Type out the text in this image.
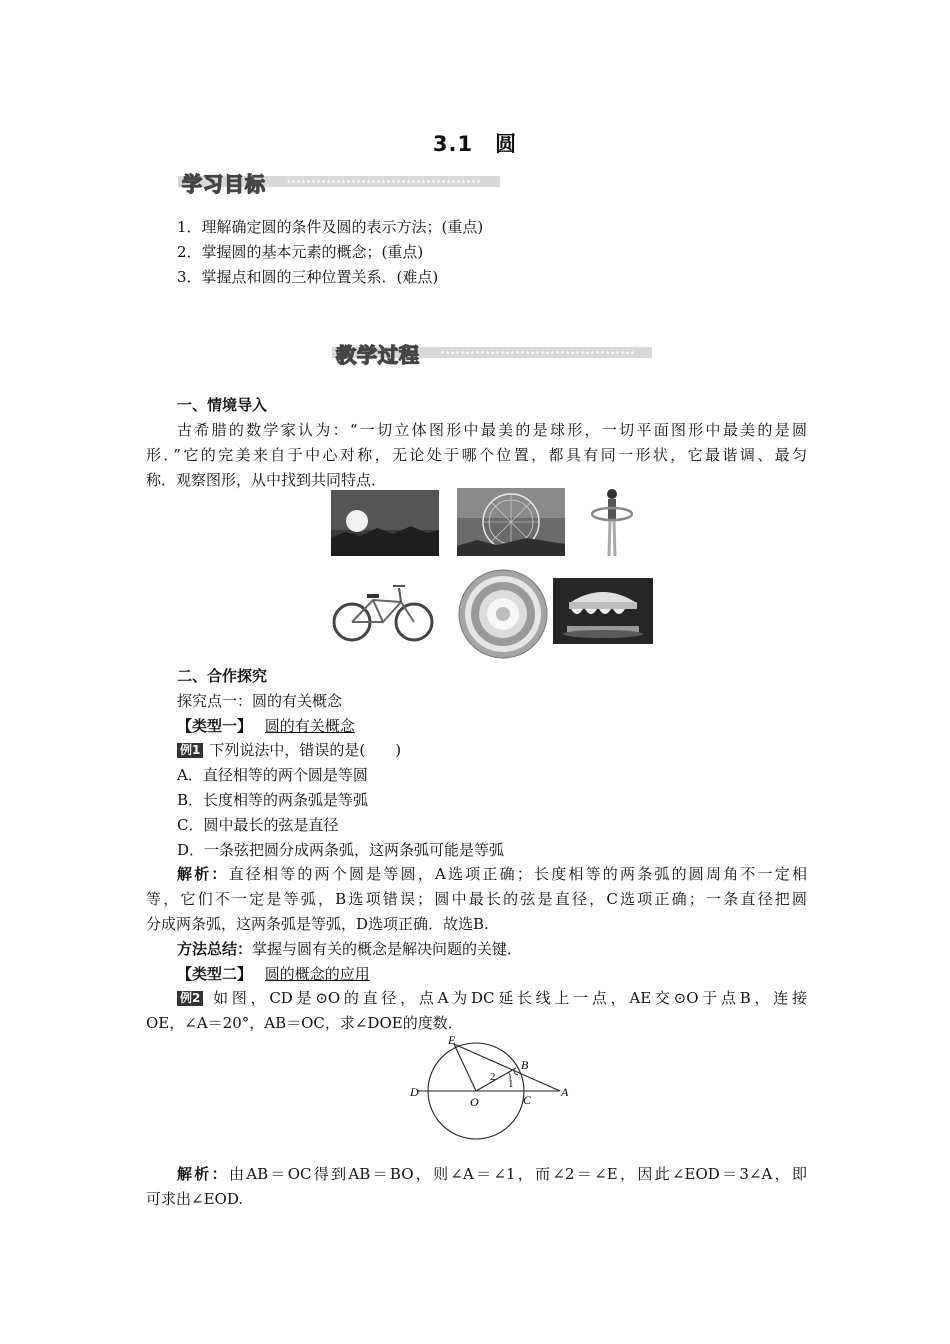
3.1　圆
学习目标
1．理解确定圆的条件及圆的表示方法；(重点)
2．掌握圆的基本元素的概念；(重点)
3．掌握点和圆的三种位置关系．(难点)
教学过程
一、情境导入
古希腊的数学家认为：“一切立体图形中最美的是球形，一切平面图形中最美的是圆
形．”它的完美来自于中心对称，无论处于哪个位置，都具有同一形状，它最谐调、最匀
称．观察图形，从中找到共同特点．
二、合作探究
探究点一：圆的有关概念
【类型一】 圆的有关概念
例1 下列说法中，错误的是(　　)
A．直径相等的两个圆是等圆
B．长度相等的两条弧是等弧
C．圆中最长的弦是直径
D．一条弦把圆分成两条弧，这两条弧可能是等弧
解析：直径相等的两个圆是等圆，A选项正确；长度相等的两条弧的圆周角不一定相
等，它们不一定是等弧，B选项错误；圆中最长的弦是直径，C选项正确；一条直径把圆
分成两条弧，这两条弧是等弧，D选项正确．故选B.
方法总结：掌握与圆有关的概念是解决问题的关键．
【类型二】 圆的概念的应用
例2 如图，CD是⊙O的直径，点A为DC延长线上一点，AE交⊙O于点B，连接
OE，∠A＝20°，AB＝OC，求∠DOE的度数．
E
B
D
O	C
A
1
2
解析：由AB＝OC得到AB＝BO，则∠A＝∠1，而∠2＝∠E，因此∠EOD＝3∠A，即
可求出∠EOD.
